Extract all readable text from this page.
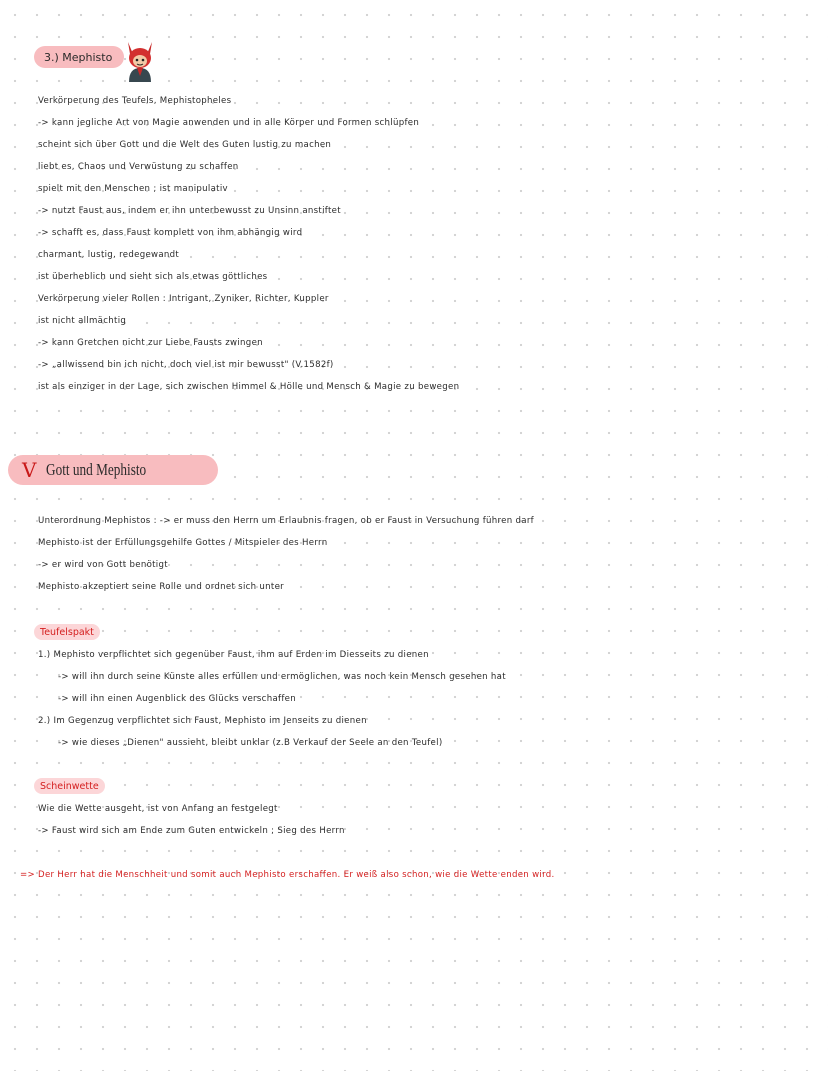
3.) Mephisto
Verkörperung des Teufels, Mephistopheles
-> kann jegliche Art von Magie anwenden und in alle Körper und Formen schlüpfen
scheint sich über Gott und die Welt des Guten lustig zu machen
liebt es, Chaos und Verwüstung zu schaffen
spielt mit den Menschen ; ist manipulativ
-> nutzt Faust aus, indem er ihn unterbewusst zu Unsinn anstiftet
-> schafft es, dass Faust komplett von ihm abhängig wird
charmant, lustig, redegewandt
ist überheblich und sieht sich als etwas göttliches
Verkörperung vieler Rollen : Intrigant, Zyniker, Richter, Kuppler
ist nicht allmächtig
-> kann Gretchen nicht zur Liebe Fausts zwingen
-> „allwissend bin ich nicht, doch viel ist mir bewusst" (V.1582f)
ist als einziger in der Lage, sich zwischen Himmel & Hölle und Mensch & Magie zu bewegen
V Gott und Mephisto
Unterordnung Mephistos : -> er muss den Herrn um Erlaubnis fragen, ob er Faust in Versuchung führen darf
Mephisto ist der Erfüllungsgehilfe Gottes / Mitspieler des Herrn
-> er wird von Gott benötigt
Mephisto akzeptiert seine Rolle und ordnet sich unter
Teufelspakt
1.) Mephisto verpflichtet sich gegenüber Faust, ihm auf Erden im Diesseits zu dienen
-> will ihn durch seine Künste alles erfüllen und ermöglichen, was noch kein Mensch gesehen hat
-> will ihn einen Augenblick des Glücks verschaffen
2.) Im Gegenzug verpflichtet sich Faust, Mephisto im Jenseits zu dienen
-> wie dieses „Dienen" aussieht, bleibt unklar (z.B Verkauf der Seele an den Teufel)
Scheinwette
Wie die Wette ausgeht, ist von Anfang an festgelegt
-> Faust wird sich am Ende zum Guten entwickeln ; Sieg des Herrn
=> Der Herr hat die Menschheit und somit auch Mephisto erschaffen. Er weiß also schon, wie die Wette enden wird.
